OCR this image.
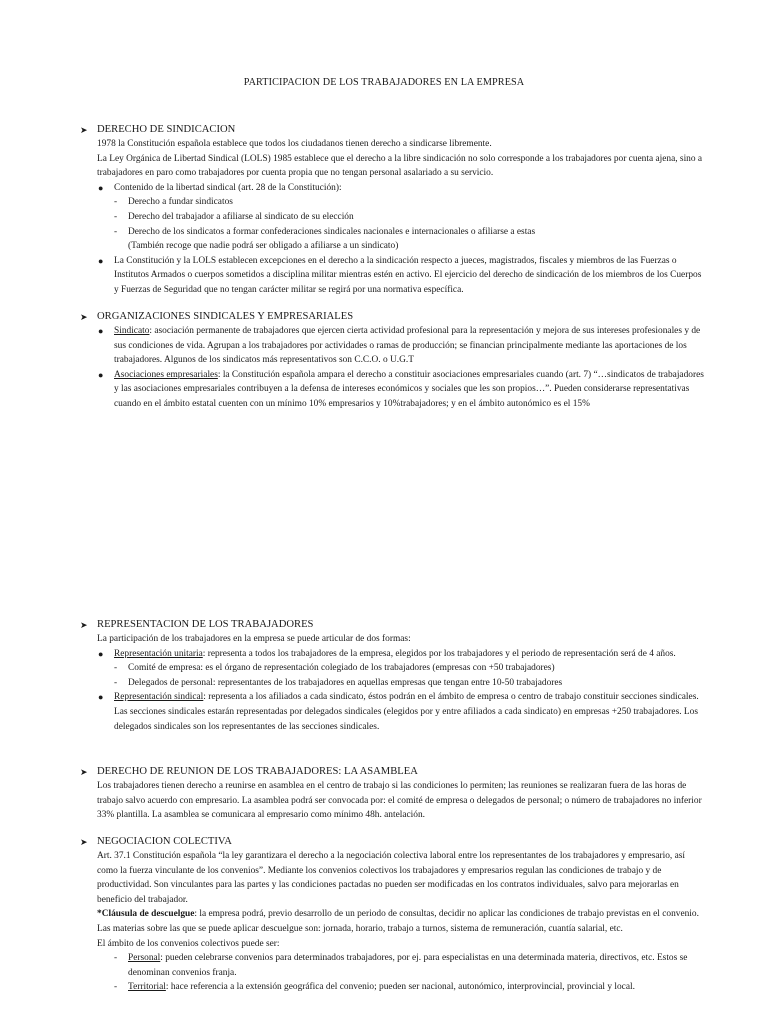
PARTICIPACION DE LOS TRABAJADORES EN LA EMPRESA
➤ DERECHO DE SINDICACION

1978 la Constitución española establece que todos los ciudadanos tienen derecho a sindicarse libremente.

La Ley Orgánica de Libertad Sindical (LOLS) 1985 establece que el derecho a la libre sindicación no solo corresponde a los trabajadores por cuenta ajena, sino a trabajadores en paro como trabajadores por cuenta propia que no tengan personal asalariado a su servicio.

● Contenido de la libertad sindical (art. 28 de la Constitución):
- Derecho a fundar sindicatos
- Derecho del trabajador a afiliarse al sindicato de su elección
- Derecho de los sindicatos a formar confederaciones sindicales nacionales e internacionales o afiliarse a estas
(También recoge que nadie podrá ser obligado a afiliarse a un sindicato)
● La Constitución y la LOLS establecen excepciones en el derecho a la sindicación respecto a jueces, magistrados, fiscales y miembros de las Fuerzas o Institutos Armados o cuerpos sometidos a disciplina militar mientras estén en activo. El ejercicio del derecho de sindicación de los miembros de los Cuerpos y Fuerzas de Seguridad que no tengan carácter militar se regirá por una normativa específica.
➤ ORGANIZACIONES SINDICALES Y EMPRESARIALES
● Sindicato: asociación permanente de trabajadores que ejercen cierta actividad profesional para la representación y mejora de sus intereses profesionales y de sus condiciones de vida. Agrupan a los trabajadores por actividades o ramas de producción; se financian principalmente mediante las aportaciones de los trabajadores. Algunos de los sindicatos más representativos son C.C.O. o U.G.T
● Asociaciones empresariales: la Constitución española ampara el derecho a constituir asociaciones empresariales cuando (art. 7) “…sindicatos de trabajadores y las asociaciones empresariales contribuyen a la defensa de intereses económicos y sociales que les son propios…”. Pueden considerarse representativas cuando en el ámbito estatal cuenten con un mínimo 10% empresarios y 10%trabajadores; y en el ámbito autonómico es el 15%
➤ REPRESENTACION DE LOS TRABAJADORES

La participación de los trabajadores en la empresa se puede articular de dos formas:

● Representación unitaria: representa a todos los trabajadores de la empresa, elegidos por los trabajadores y el periodo de representación será de 4 años.
- Comité de empresa: es el órgano de representación colegiado de los trabajadores (empresas con +50 trabajadores)
- Delegados de personal: representantes de los trabajadores en aquellas empresas que tengan entre 10-50 trabajadores
● Representación sindical: representa a los afiliados a cada sindicato, éstos podrán en el ámbito de empresa o centro de trabajo constituir secciones sindicales. Las secciones sindicales estarán representadas por delegados sindicales (elegidos por y entre afiliados a cada sindicato) en empresas +250 trabajadores. Los delegados sindicales son los representantes de las secciones sindicales.
➤ DERECHO DE REUNION DE LOS TRABAJADORES: LA ASAMBLEA

Los trabajadores tienen derecho a reunirse en asamblea en el centro de trabajo si las condiciones lo permiten; las reuniones se realizaran fuera de las horas de trabajo salvo acuerdo con empresario. La asamblea podrá ser convocada por: el comité de empresa o delegados de personal; o número de trabajadores no inferior 33% plantilla. La asamblea se comunicara al empresario como mínimo 48h. antelación.

➤ NEGOCIACION COLECTIVA

Art. 37.1 Constitución española “la ley garantizara el derecho a la negociación colectiva laboral entre los representantes de los trabajadores y empresario, así como la fuerza vinculante de los convenios”. Mediante los convenios colectivos los trabajadores y empresarios regulan las condiciones de trabajo y de productividad. Son vinculantes para las partes y las condiciones pactadas no pueden ser modificadas en los contratos individuales, salvo para mejorarlas en beneficio del trabajador.

*Cláusula de descuelgue: la empresa podrá, previo desarrollo de un periodo de consultas, decidir no aplicar las condiciones de trabajo previstas en el convenio. Las materias sobre las que se puede aplicar descuelgue son: jornada, horario, trabajo a turnos, sistema de remuneración, cuantía salarial, etc.

El ámbito de los convenios colectivos puede ser:

- Personal: pueden celebrarse convenios para determinados trabajadores, por ej. para especialistas en una determinada materia, directivos, etc. Estos se denominan convenios franja.
- Territorial: hace referencia a la extensión geográfica del convenio; pueden ser nacional, autonómico, interprovincial, provincial y local.
